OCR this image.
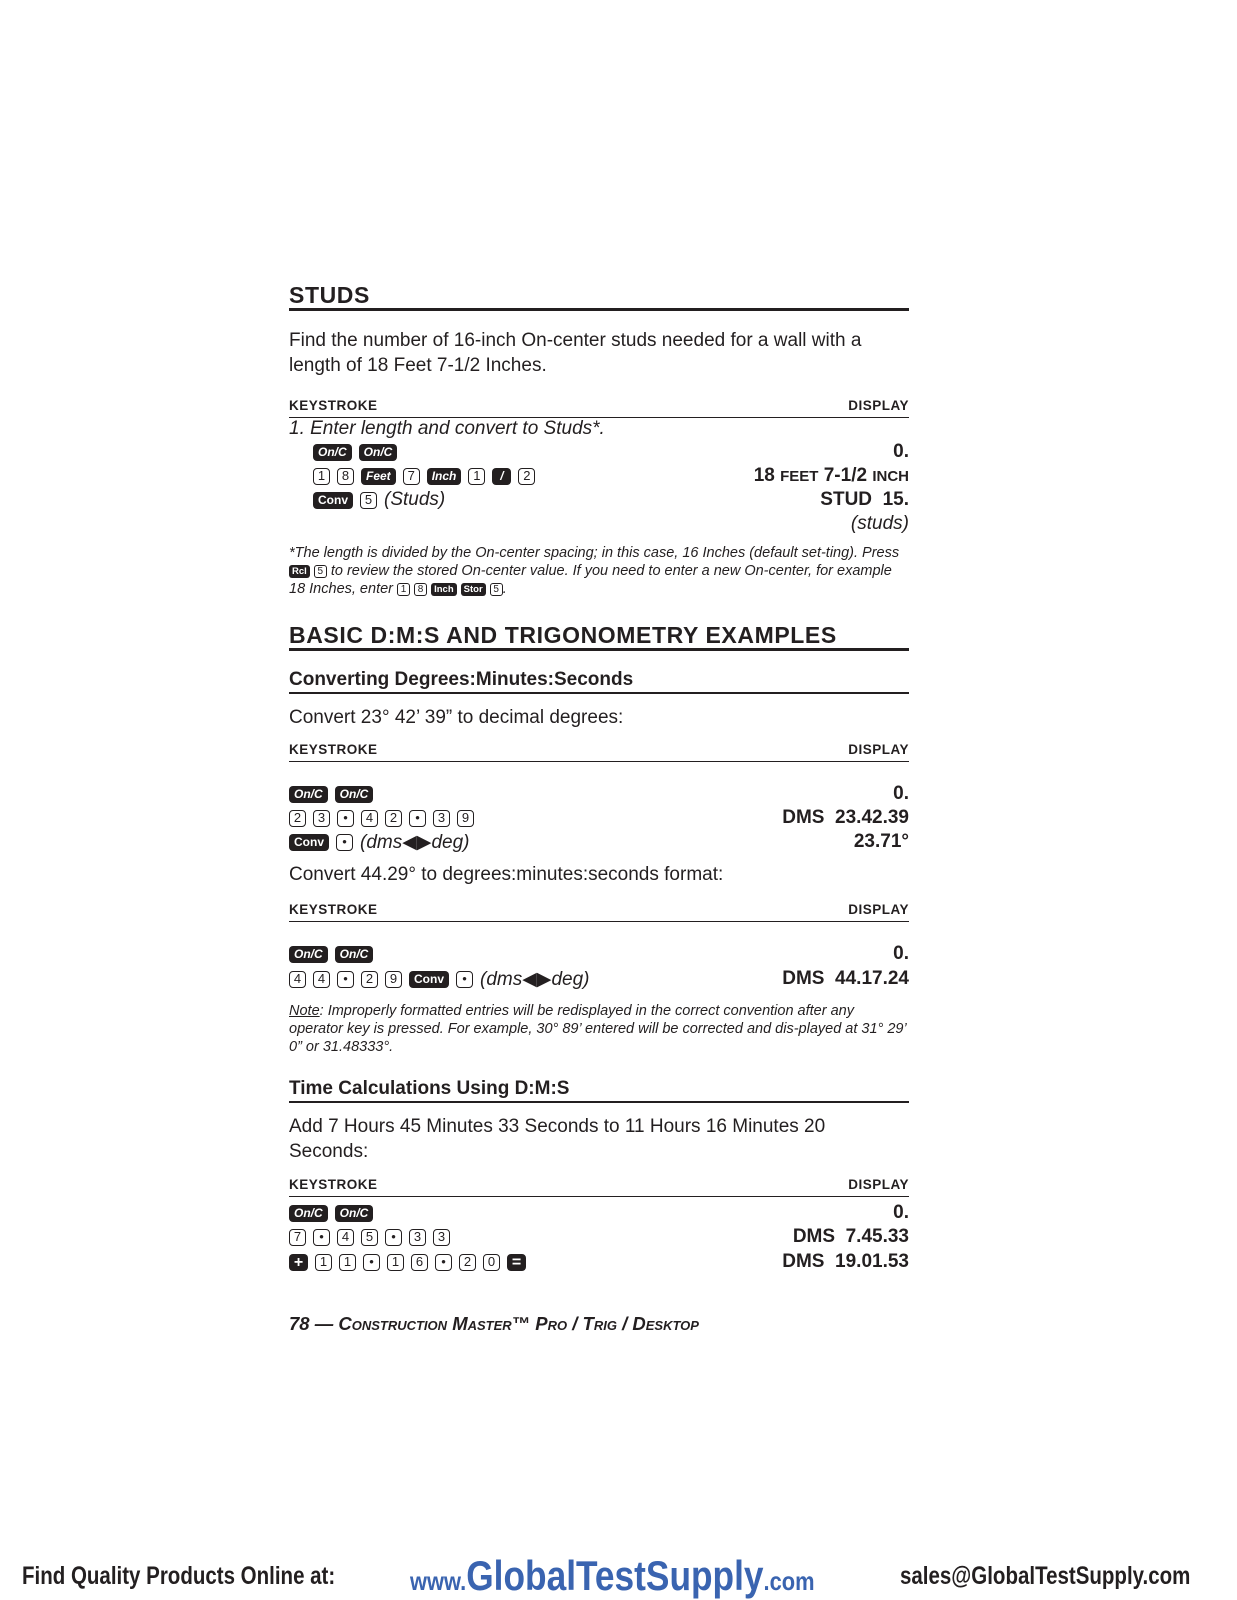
STUDS
Find the number of 16-inch On-center studs needed for a wall with a length of 18 Feet 7-1/2 Inches.
KEYSTROKE	DISPLAY
1. Enter length and convert to Studs*.
On/C	On/C	0.
1	8	Feet	7	Inch	1	/	2	18 FEET 7-1/2 INCH
Conv	5 (Studs)	STUD  15.
(studs)
*The length is divided by the On-center spacing; in this case, 16 Inches (default set-ting). Press Rcl 5 to review the stored On-center value. If you need to enter a new On-center, for example 18 Inches, enter 1 8 Inch Stor 5 .
BASIC D:M:S AND TRIGONOMETRY EXAMPLES
Converting Degrees:Minutes:Seconds
Convert 23° 42’ 39” to decimal degrees:
KEYSTROKE	DISPLAY
On/C	On/C	0.
2	3	•	4	2	•	3	9	DMS  23.42.39
Conv	• (dms◀▶deg)	23.71°
Convert 44.29° to degrees:minutes:seconds format:
KEYSTROKE	DISPLAY
On/C	On/C	0.
4	4	•	2	9	Conv	• (dms◀▶deg)	DMS  44.17.24
Note: Improperly formatted entries will be redisplayed in the correct convention after any operator key is pressed. For example, 30° 89’ entered will be corrected and dis-played at 31° 29’ 0” or 31.48333°.
Time Calculations Using D:M:S
Add 7 Hours 45 Minutes 33 Seconds to 11 Hours 16 Minutes 20 Seconds:
KEYSTROKE	DISPLAY
On/C	On/C	0.
7	•	4	5	•	3	3	DMS  7.45.33
+	1	1	•	1	6	•	2	0	=	DMS  19.01.53
78 — Construction Master™ Pro / Trig / Desktop
Find Quality Products Online at:	www.GlobalTestSupply.com	sales@GlobalTestSupply.com
